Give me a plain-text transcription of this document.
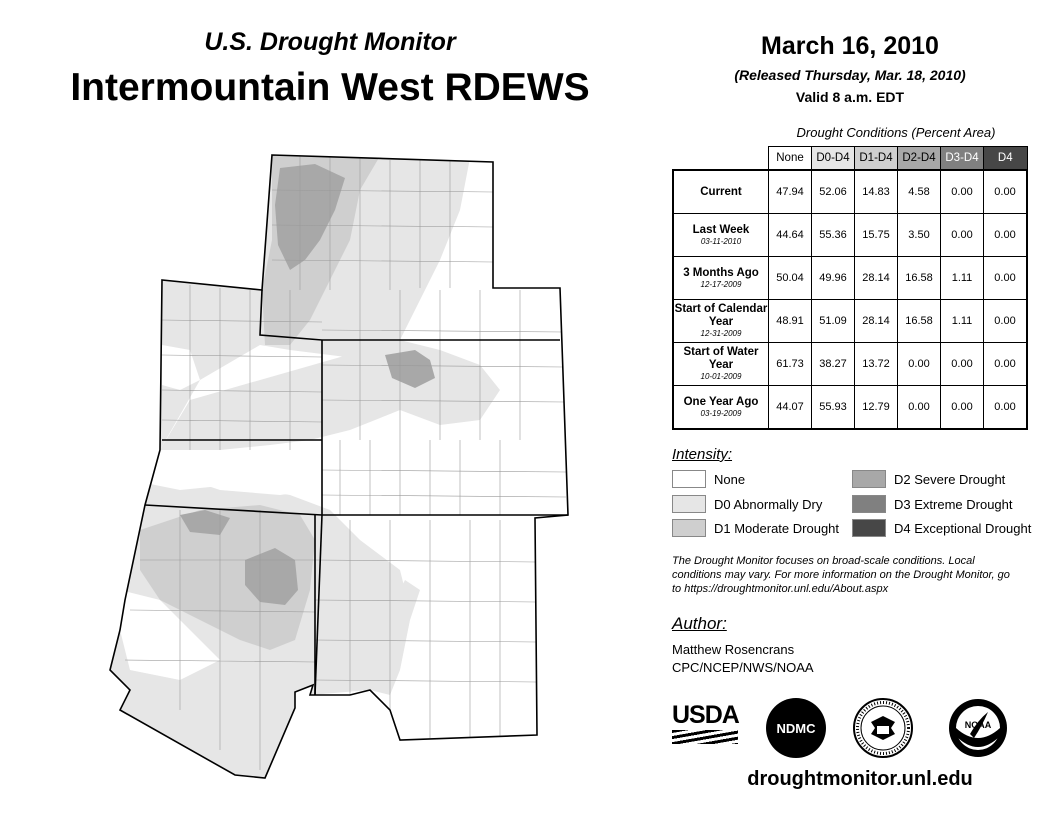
U.S. Drought Monitor
Intermountain West RDEWS
March 16, 2010
(Released Thursday, Mar. 18, 2010)
Valid 8 a.m. EDT
Drought Conditions (Percent Area)
	None	D0-D4	D1-D4	D2-D4	D3-D4	D4
Current	47.94	52.06	14.83	4.58	0.00	0.00
Last Week
03-11-2010	44.64	55.36	15.75	3.50	0.00	0.00
3 Months Ago
12-17-2009	50.04	49.96	28.14	16.58	1.11	0.00
Start of Calendar Year
12-31-2009	48.91	51.09	28.14	16.58	1.11	0.00
Start of Water Year
10-01-2009	61.73	38.27	13.72	0.00	0.00	0.00
One Year Ago
03-19-2009	44.07	55.93	12.79	0.00	0.00	0.00
Intensity:
None
D0 Abnormally Dry
D1 Moderate Drought
D2 Severe Drought
D3 Extreme Drought
D4 Exceptional Drought
The Drought Monitor focuses on broad-scale conditions. Local conditions may vary. For more information on the Drought Monitor, go to https://droughtmonitor.unl.edu/About.aspx
Author:
Matthew Rosencrans
CPC/NCEP/NWS/NOAA
USDA	NDMC	NOAA
droughtmonitor.unl.edu
